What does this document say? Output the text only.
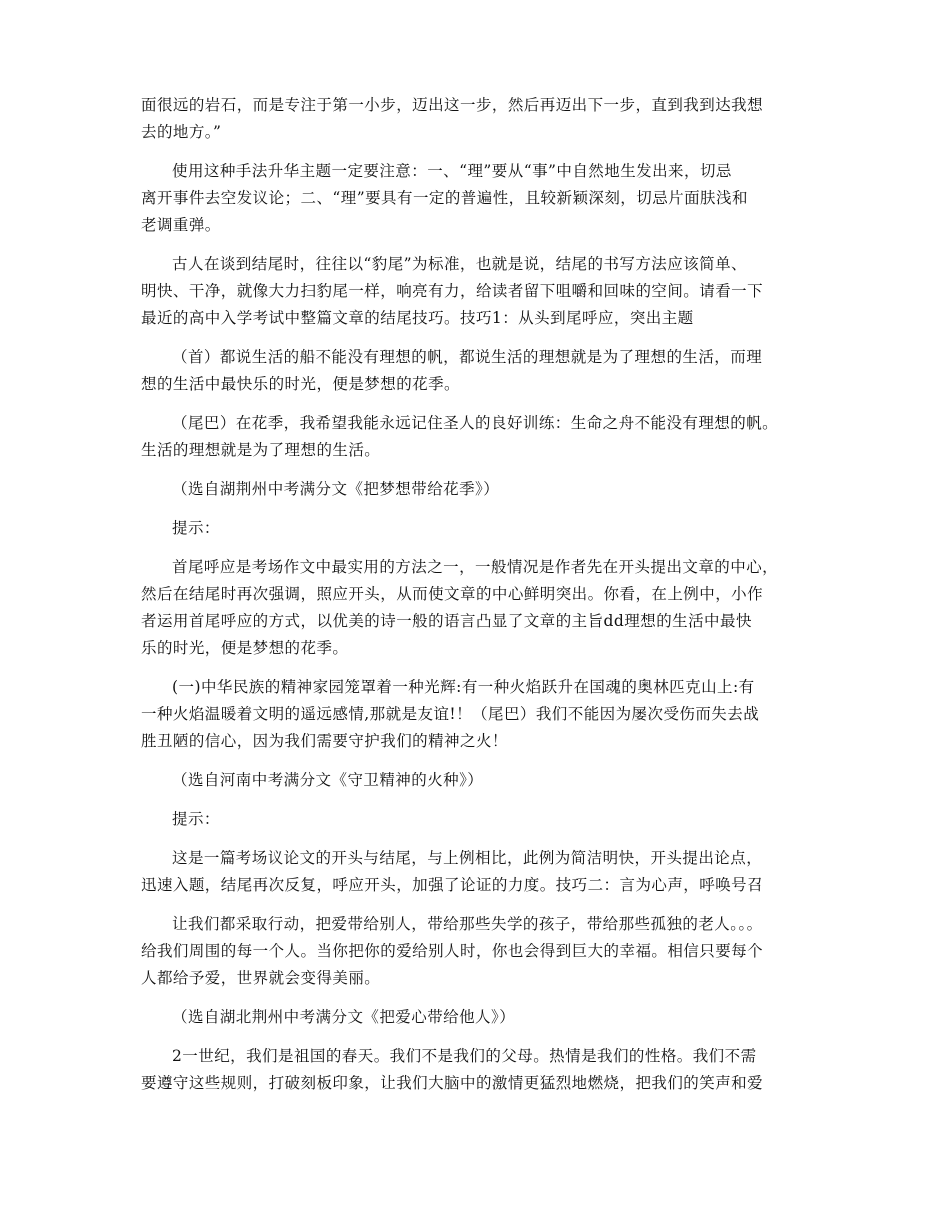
面很远的岩石，而是专注于第一小步，迈出这一步，然后再迈出下一步，直到我到达我想
去的地方。”

使用这种手法升华主题一定要注意：一、“理”要从“事”中自然地生发出来，切忌
离开事件去空发议论；二、“理”要具有一定的普遍性，且较新颖深刻，切忌片面肤浅和
老调重弹。

古人在谈到结尾时，往往以“豹尾”为标准，也就是说，结尾的书写方法应该简单、
明快、干净，就像大力扫豹尾一样，响亮有力，给读者留下咀嚼和回味的空间。请看一下
最近的高中入学考试中整篇文章的结尾技巧。技巧1：从头到尾呼应，突出主题

（首）都说生活的船不能没有理想的帆，都说生活的理想就是为了理想的生活，而理
想的生活中最快乐的时光，便是梦想的花季。

（尾巴）在花季，我希望我能永远记住圣人的良好训练：生命之舟不能没有理想的帆。
生活的理想就是为了理想的生活。

（选自湖荆州中考满分文《把梦想带给花季》）

提示：

首尾呼应是考场作文中最实用的方法之一，一般情况是作者先在开头提出文章的中心，
然后在结尾时再次强调，照应开头，从而使文章的中心鲜明突出。你看，在上例中，小作
者运用首尾呼应的方式，以优美的诗一般的语言凸显了文章的主旨dd理想的生活中最快
乐的时光，便是梦想的花季。

(一)中华民族的精神家园笼罩着一种光辉:有一种火焰跃升在国魂的奥林匹克山上:有
一种火焰温暖着文明的遥远感情,那就是友谊!！（尾巴）我们不能因为屡次受伤而失去战
胜丑陋的信心，因为我们需要守护我们的精神之火！

（选自河南中考满分文《守卫精神的火种》）

提示：

这是一篇考场议论文的开头与结尾，与上例相比，此例为简洁明快，开头提出论点，
迅速入题，结尾再次反复，呼应开头，加强了论证的力度。技巧二：言为心声，呼唤号召

让我们都采取行动，把爱带给别人，带给那些失学的孩子，带给那些孤独的老人。。。
给我们周围的每一个人。当你把你的爱给别人时，你也会得到巨大的幸福。相信只要每个
人都给予爱，世界就会变得美丽。

（选自湖北荆州中考满分文《把爱心带给他人》）

2一世纪，我们是祖国的春天。我们不是我们的父母。热情是我们的性格。我们不需
要遵守这些规则，打破刻板印象，让我们大脑中的激情更猛烈地燃烧，把我们的笑声和爱
